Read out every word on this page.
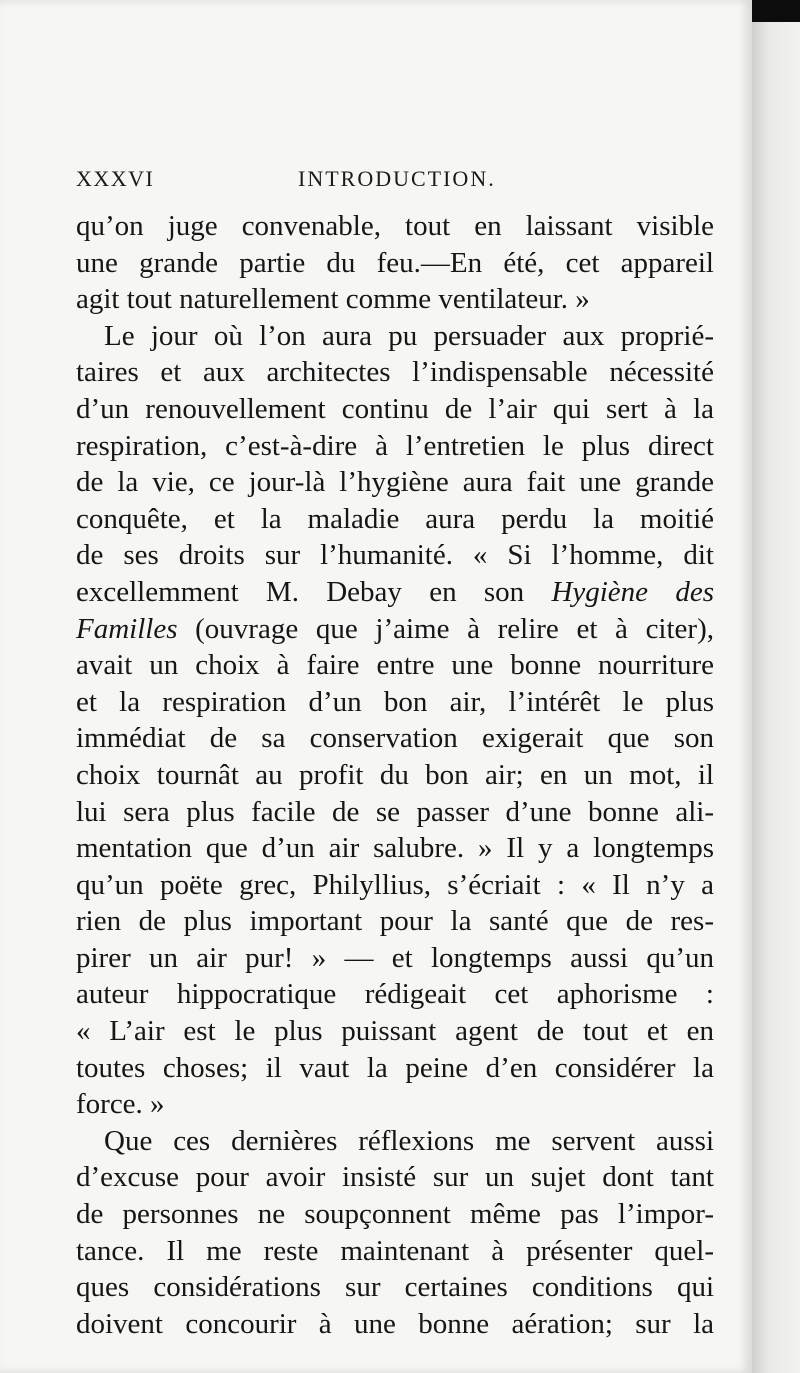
XXXVI	INTRODUCTION.
qu’on juge convenable, tout en laissant visible
une grande partie du feu.—En été, cet appareil
agit tout naturellement comme ventilateur. »
Le jour où l’on aura pu persuader aux proprié-
taires et aux architectes l’indispensable nécessité
d’un renouvellement continu de l’air qui sert à la
respiration, c’est-à-dire à l’entretien le plus direct
de la vie, ce jour-là l’hygiène aura fait une grande
conquête, et la maladie aura perdu la moitié
de ses droits sur l’humanité. « Si l’homme, dit
excellemment M. Debay en son Hygiène des
Familles (ouvrage que j’aime à relire et à citer),
avait un choix à faire entre une bonne nourriture
et la respiration d’un bon air, l’intérêt le plus
immédiat de sa conservation exigerait que son
choix tournât au profit du bon air; en un mot, il
lui sera plus facile de se passer d’une bonne ali-
mentation que d’un air salubre. » Il y a longtemps
qu’un poëte grec, Philyllius, s’écriait : « Il n’y a
rien de plus important pour la santé que de res-
pirer un air pur! » — et longtemps aussi qu’un
auteur hippocratique rédigeait cet aphorisme :
« L’air est le plus puissant agent de tout et en
toutes choses; il vaut la peine d’en considérer la
force. »
Que ces dernières réflexions me servent aussi
d’excuse pour avoir insisté sur un sujet dont tant
de personnes ne soupçonnent même pas l’impor-
tance. Il me reste maintenant à présenter quel-
ques considérations sur certaines conditions qui
doivent concourir à une bonne aération; sur la
